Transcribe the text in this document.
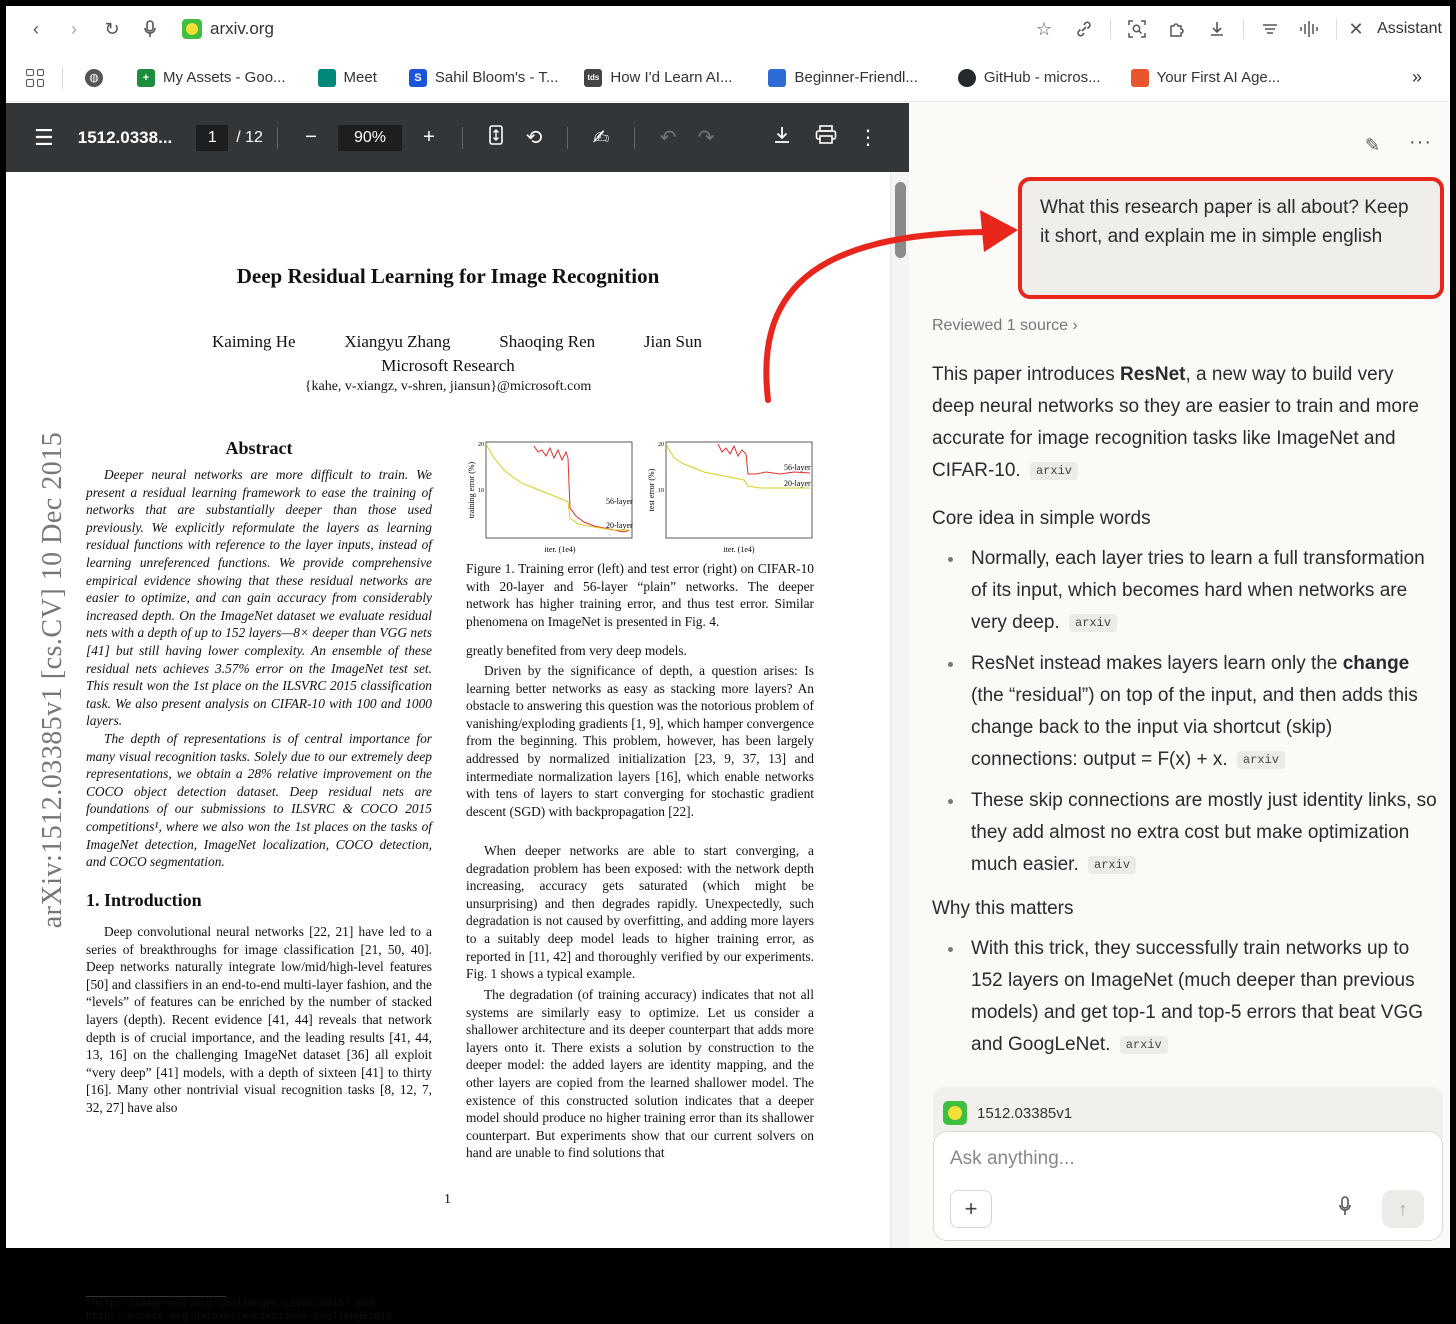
‹	›	↻	arxiv.org	☆	✕ Assistant
◍	+ My Assets - Goo...	Meet	S Sahil Bloom's - T...	tds How I'd Learn AI...	Beginner-Friendl...	GitHub - micros...	Your First AI Age...	»
☰ 1512.0338...	1	/ 12 −	90%	+	⟲	✍	↶ ↷	⋮
Deep Residual Learning for Image Recognition
Kaiming He	Xiangyu Zhang	Shaoqing Ren	Jian Sun
Microsoft Research
{kahe, v-xiangz, v-shren, jiansun}@microsoft.com
arXiv:1512.03385v1 [cs.CV] 10 Dec 2015	Abstract
Deeper neural networks are more difficult to train. We present a residual learning framework to ease the training of networks that are substantially deeper than those used previously. We explicitly reformulate the layers as learning residual functions with reference to the layer inputs, instead of learning unreferenced functions. We provide comprehensive empirical evidence showing that these residual networks are easier to optimize, and can gain accuracy from considerably increased depth. On the ImageNet dataset we evaluate residual nets with a depth of up to 152 layers—8× deeper than VGG nets [41] but still having lower complexity. An ensemble of these residual nets achieves 3.57% error on the ImageNet test set. This result won the 1st place on the ILSVRC 2015 classification task. We also present analysis on CIFAR-10 with 100 and 1000 layers.
The depth of representations is of central importance for many visual recognition tasks. Solely due to our extremely deep representations, we obtain a 28% relative improvement on the COCO object detection dataset. Deep residual nets are foundations of our submissions to ILSVRC & COCO 2015 competitions¹, where we also won the 1st places on the tasks of ImageNet detection, ImageNet localization, COCO detection, and COCO segmentation.
1. Introduction
Deep convolutional neural networks [22, 21] have led to a series of breakthroughs for image classification [21, 50, 40]. Deep networks naturally integrate low/mid/high-level features [50] and classifiers in an end-to-end multi-layer fashion, and the “levels” of features can be enriched by the number of stacked layers (depth). Recent evidence [41, 44] reveals that network depth is of crucial importance, and the leading results [41, 44, 13, 16] on the challenging ImageNet dataset [36] all exploit “very deep” [41] models, with a depth of sixteen [41] to thirty [16]. Many other nontrivial visual recognition tasks [8, 12, 7, 32, 27] have also
¹http://image-net.org/challenges/LSVRC/2015/ and http://mscoco.org/dataset/#detections-challenge2015.
training error (%)
20
10
56-layer
20-layer
iter. (1e4)
test error (%)
20
10
56-layer
20-layer
iter. (1e4)
Figure 1. Training error (left) and test error (right) on CIFAR-10 with 20-layer and 56-layer “plain” networks. The deeper network has higher training error, and thus test error. Similar phenomena on ImageNet is presented in Fig. 4.
greatly benefited from very deep models.
Driven by the significance of depth, a question arises: Is learning better networks as easy as stacking more layers? An obstacle to answering this question was the notorious problem of vanishing/exploding gradients [1, 9], which hamper convergence from the beginning. This problem, however, has been largely addressed by normalized initialization [23, 9, 37, 13] and intermediate normalization layers [16], which enable networks with tens of layers to start converging for stochastic gradient descent (SGD) with backpropagation [22].
When deeper networks are able to start converging, a degradation problem has been exposed: with the network depth increasing, accuracy gets saturated (which might be unsurprising) and then degrades rapidly. Unexpectedly, such degradation is not caused by overfitting, and adding more layers to a suitably deep model leads to higher training error, as reported in [11, 42] and thoroughly verified by our experiments. Fig. 1 shows a typical example.
The degradation (of training accuracy) indicates that not all systems are similarly easy to optimize. Let us consider a shallower architecture and its deeper counterpart that adds more layers onto it. There exists a solution by construction to the deeper model: the added layers are identity mapping, and the other layers are copied from the learned shallower model. The existence of this constructed solution indicates that a deeper model should produce no higher training error than its shallower counterpart. But experiments show that our current solvers on hand are unable to find solutions that
1
✎ ···
What this research paper is all about? Keep it short, and explain me in simple english
Reviewed 1 source ›

This paper introduces ResNet, a new way to build very deep neural networks so they are easier to train and more accurate for image recognition tasks like ImageNet and CIFAR-10. arxiv

Core idea in simple words
Normally, each layer tries to learn a full transformation of its input, which becomes hard when networks are very deep. arxiv
ResNet instead makes layers learn only the change (the “residual”) on top of the input, and then adds this change back to the input via shortcut (skip) connections: output = F(x) + x. arxiv
These skip connections are mostly just identity links, so they add almost no extra cost but make optimization much easier. arxiv
Why this matters
With this trick, they successfully train networks up to 152 layers on ImageNet (much deeper than previous models) and get top-1 and top-5 errors that beat VGG and GoogLeNet. arxiv
1512.03385v1
Ask anything...
+	↑
